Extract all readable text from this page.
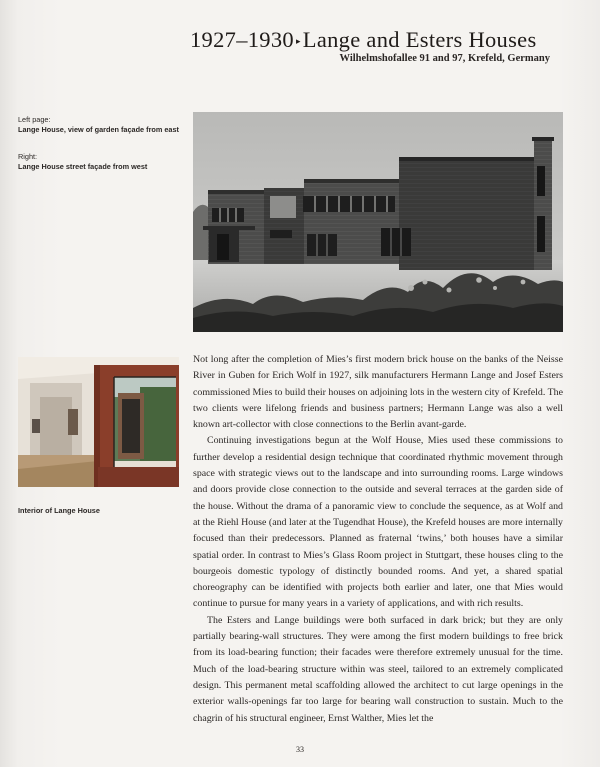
1927–1930 ▸Lange and Esters Houses
Wilhelmshofallee 91 and 97, Krefeld, Germany
Left page:
Lange House, view of garden façade from east
Right:
Lange House street façade from west
Interior of Lange House

Not long after the completion of Mies’s first modern brick house on the banks of the Neisse River in Guben for Erich Wolf in 1927, silk manufacturers Hermann Lange and Josef Esters commissioned Mies to build their houses on adjoining lots in the western city of Krefeld. The two clients were lifelong friends and business partners; Hermann Lange was also a well known art-collector with close connections to the Berlin avant-garde.

Continuing investigations begun at the Wolf House, Mies used these commissions to further develop a residential design technique that coordinated rhythmic movement through space with strategic views out to the landscape and into surrounding rooms. Large windows and doors provide close connection to the outside and several terraces at the garden side of the house. Without the drama of a panoramic view to conclude the sequence, as at Wolf and at the Riehl House (and later at the Tugendhat House), the Krefeld houses are more internally focused than their predecessors. Planned as fraternal ‘twins,’ both houses have a similar spatial order. In contrast to Mies’s Glass Room project in Stuttgart, these houses cling to the bourgeois domestic typology of distinctly bounded rooms. And yet, a shared spatial choreography can be identified with projects both earlier and later, one that Mies would continue to pursue for many years in a variety of applications, and with rich results.

The Esters and Lange buildings were both surfaced in dark brick; but they are only partially bearing-wall structures. They were among the first modern buildings to free brick from its load-bearing function; their facades were therefore extremely unusual for the time. Much of the load-bearing structure within was steel, tailored to an extremely complicated design. This permanent metal scaffolding allowed the architect to cut large openings in the exterior walls-openings far too large for bearing wall construction to sustain. Much to the chagrin of his structural engineer, Ernst Walther, Mies let the

33
